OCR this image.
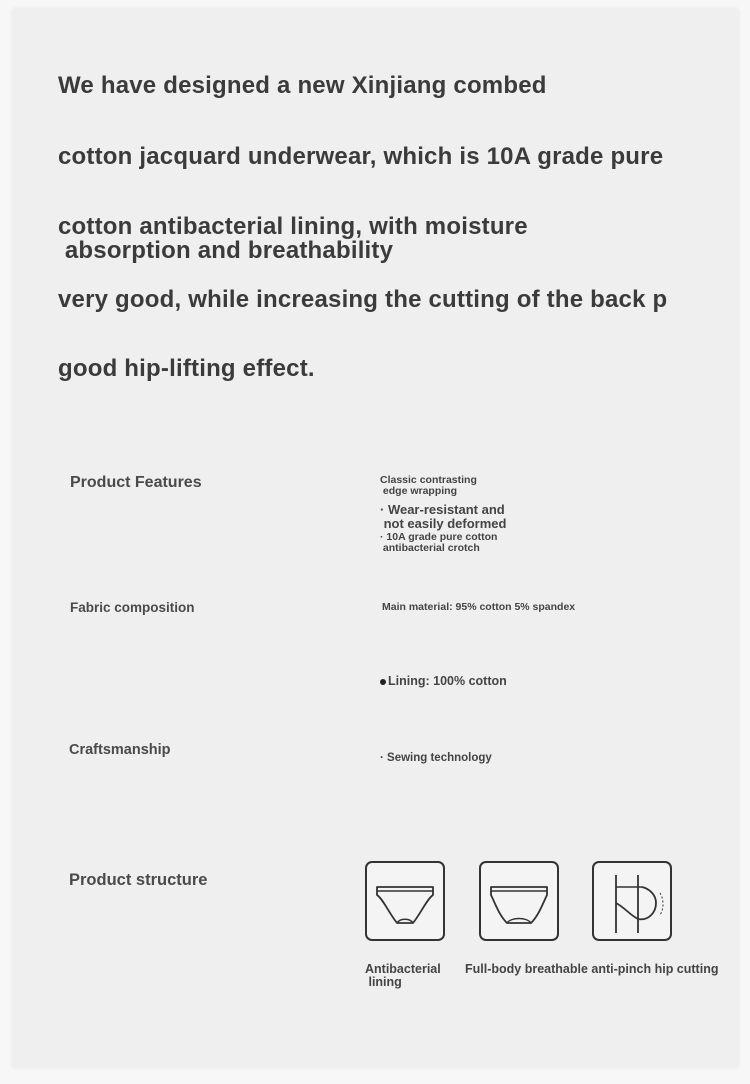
We have designed a new Xinjiang combed
cotton jacquard underwear, which is 10A grade pure
cotton antibacterial lining, with moisture
absorption and breathability
very good, while increasing the cutting of the back p
good hip-lifting effect.
Product Features	Classic contrasting
edge wrapping
· Wear-resistant and
not easily deformed
· 10A grade pure cotton
antibacterial crotch
Fabric composition	Main material: 95% cotton 5% spandex
Lining: 100% cotton
Craftsmanship	· Sewing technology
Product structure
Antibacterial
lining
Full-body breathable anti-pinch hip cutting
